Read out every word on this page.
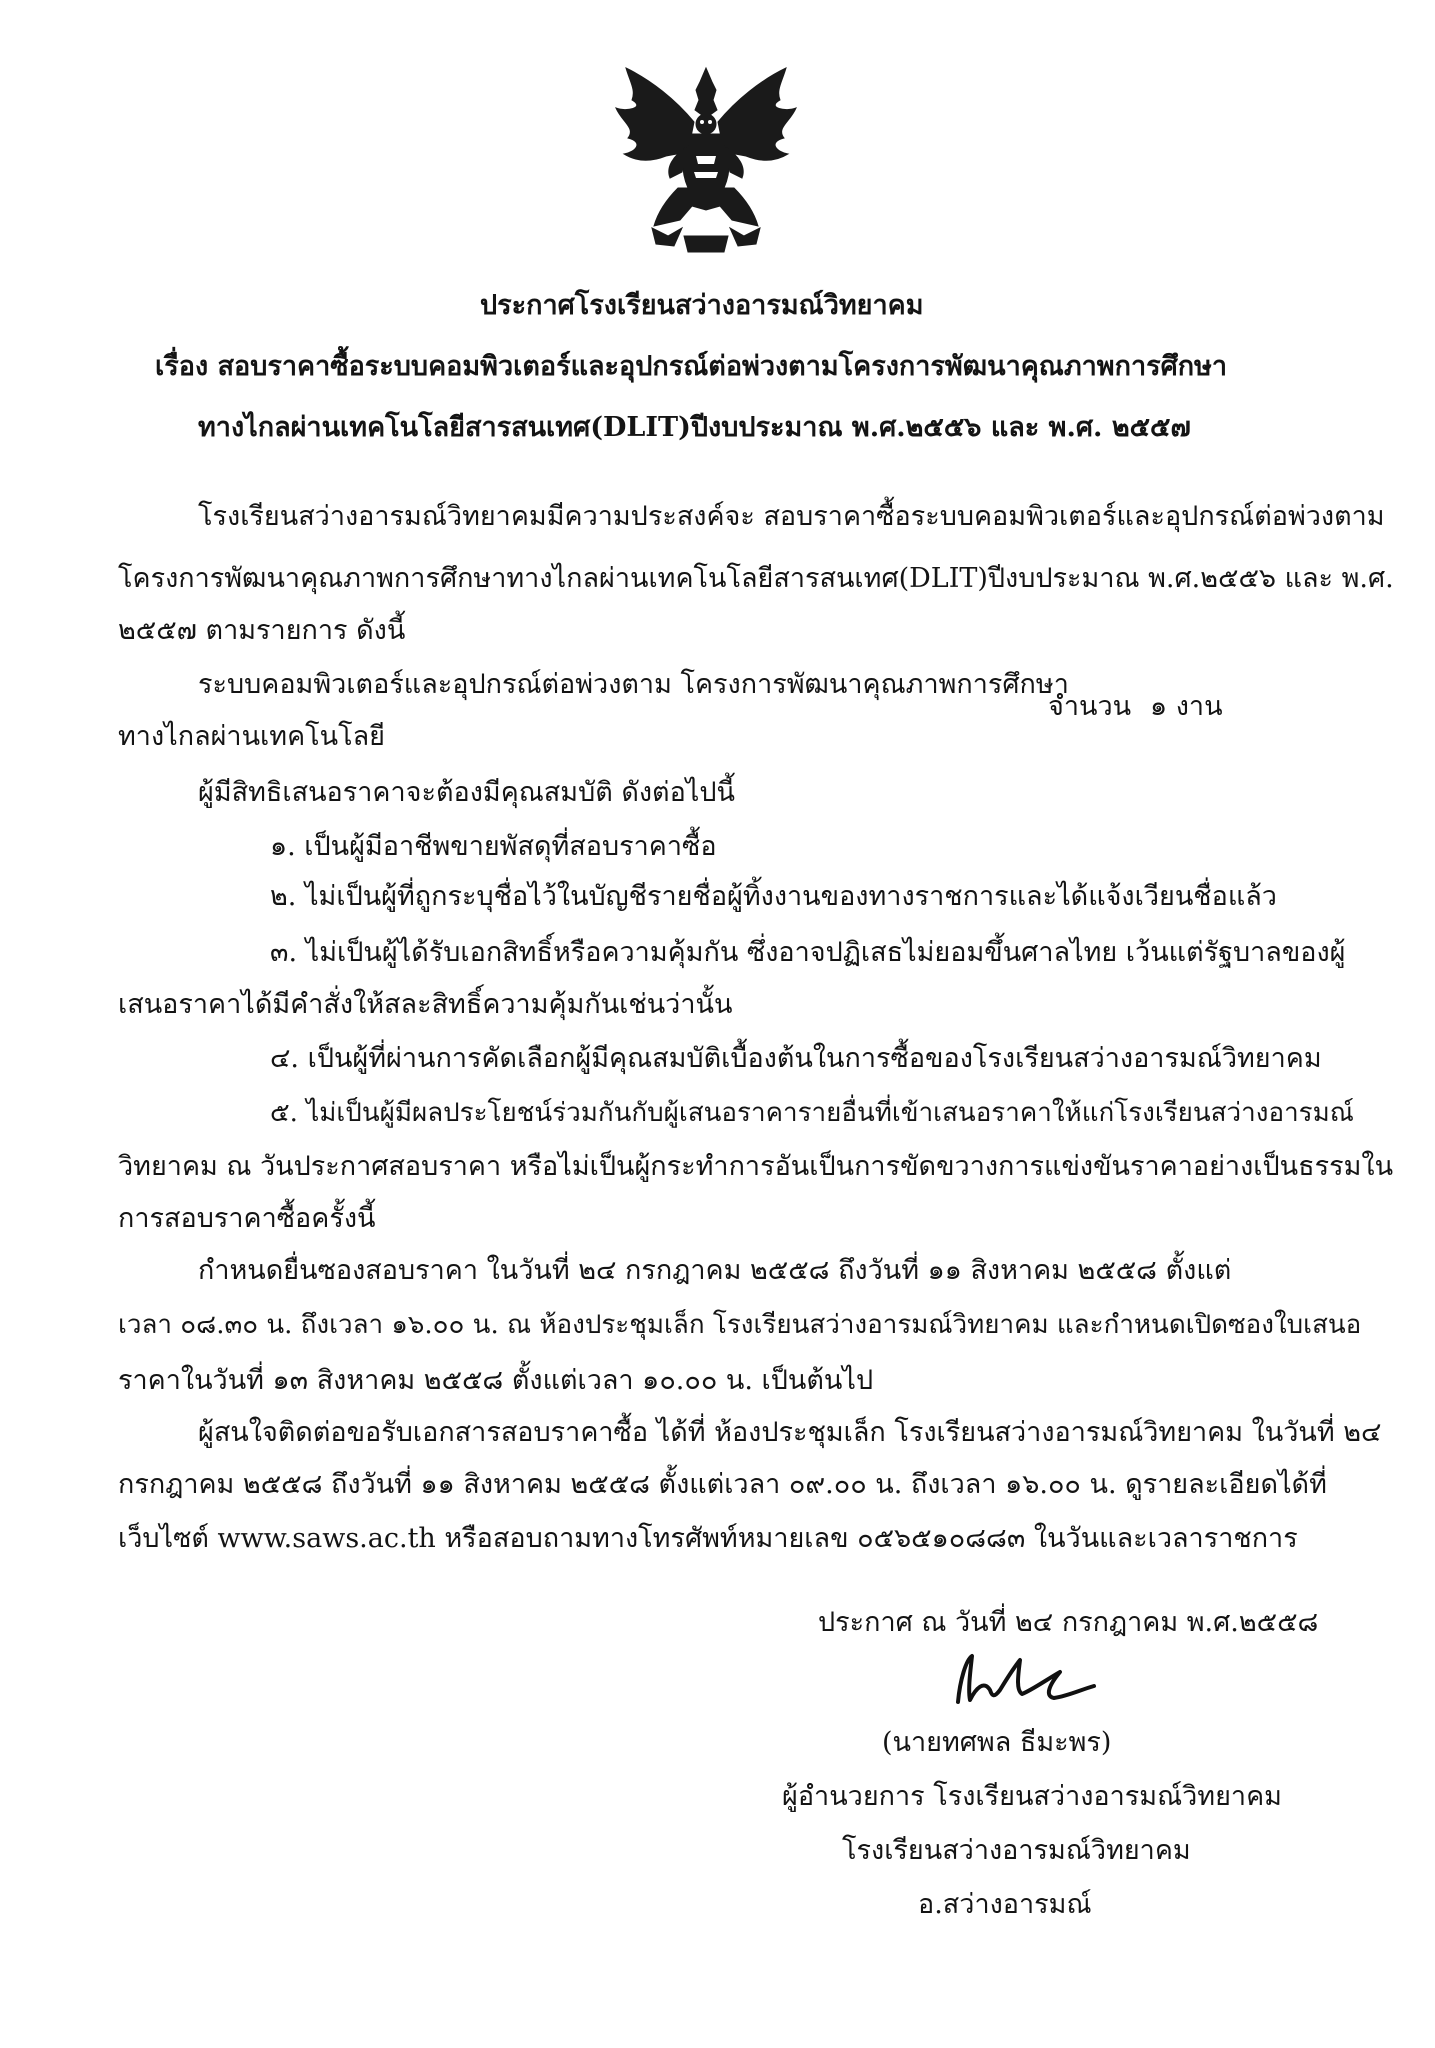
ประกาศโรงเรียนสว่างอารมณ์วิทยาคม
เรื่อง สอบราคาซื้อระบบคอมพิวเตอร์และอุปกรณ์ต่อพ่วงตามโครงการพัฒนาคุณภาพการศึกษา
ทางไกลผ่านเทคโนโลยีสารสนเทศ(DLIT)ปีงบประมาณ พ.ศ.๒๕๕๖ และ พ.ศ. ๒๕๕๗
โรงเรียนสว่างอารมณ์วิทยาคมมีความประสงค์จะ สอบราคาซื้อระบบคอมพิวเตอร์และอุปกรณ์ต่อพ่วงตาม
โครงการพัฒนาคุณภาพการศึกษาทางไกลผ่านเทคโนโลยีสารสนเทศ(DLIT)ปีงบประมาณ พ.ศ.๒๕๕๖ และ พ.ศ.
๒๕๕๗ ตามรายการ ดังนี้
ระบบคอมพิวเตอร์และอุปกรณ์ต่อพ่วงตาม โครงการพัฒนาคุณภาพการศึกษา
ทางไกลผ่านเทคโนโลยี
จำนวน ๑ งาน
ผู้มีสิทธิเสนอราคาจะต้องมีคุณสมบัติ ดังต่อไปนี้
๑. เป็นผู้มีอาชีพขายพัสดุที่สอบราคาซื้อ
๒. ไม่เป็นผู้ที่ถูกระบุชื่อไว้ในบัญชีรายชื่อผู้ทิ้งงานของทางราชการและได้แจ้งเวียนชื่อแล้ว
๓. ไม่เป็นผู้ได้รับเอกสิทธิ์หรือความคุ้มกัน ซึ่งอาจปฏิเสธไม่ยอมขึ้นศาลไทย เว้นแต่รัฐบาลของผู้
เสนอราคาได้มีคำสั่งให้สละสิทธิ์ความคุ้มกันเช่นว่านั้น
๔. เป็นผู้ที่ผ่านการคัดเลือกผู้มีคุณสมบัติเบื้องต้นในการซื้อของโรงเรียนสว่างอารมณ์วิทยาคม
๕. ไม่เป็นผู้มีผลประโยชน์ร่วมกันกับผู้เสนอราคารายอื่นที่เข้าเสนอราคาให้แก่โรงเรียนสว่างอารมณ์
วิทยาคม ณ วันประกาศสอบราคา หรือไม่เป็นผู้กระทำการอันเป็นการขัดขวางการแข่งขันราคาอย่างเป็นธรรมใน
การสอบราคาซื้อครั้งนี้
กำหนดยื่นซองสอบราคา ในวันที่ ๒๔ กรกฎาคม ๒๕๕๘ ถึงวันที่ ๑๑ สิงหาคม ๒๕๕๘ ตั้งแต่
เวลา ๐๘.๓๐ น. ถึงเวลา ๑๖.๐๐ น. ณ ห้องประชุมเล็ก โรงเรียนสว่างอารมณ์วิทยาคม และกำหนดเปิดซองใบเสนอ
ราคาในวันที่ ๑๓ สิงหาคม ๒๕๕๘ ตั้งแต่เวลา ๑๐.๐๐ น. เป็นต้นไป
ผู้สนใจติดต่อขอรับเอกสารสอบราคาซื้อ ได้ที่ ห้องประชุมเล็ก โรงเรียนสว่างอารมณ์วิทยาคม ในวันที่ ๒๔
กรกฎาคม ๒๕๕๘ ถึงวันที่ ๑๑ สิงหาคม ๒๕๕๘ ตั้งแต่เวลา ๐๙.๐๐ น. ถึงเวลา ๑๖.๐๐ น. ดูรายละเอียดได้ที่
เว็บไซต์ www.saws.ac.th หรือสอบถามทางโทรศัพท์หมายเลข ๐๕๖๕๑๐๘๘๓ ในวันและเวลาราชการ
ประกาศ ณ วันที่ ๒๔ กรกฎาคม พ.ศ.๒๕๕๘
(นายทศพล ธีมะพร)
ผู้อำนวยการ โรงเรียนสว่างอารมณ์วิทยาคม
โรงเรียนสว่างอารมณ์วิทยาคม
อ.สว่างอารมณ์
